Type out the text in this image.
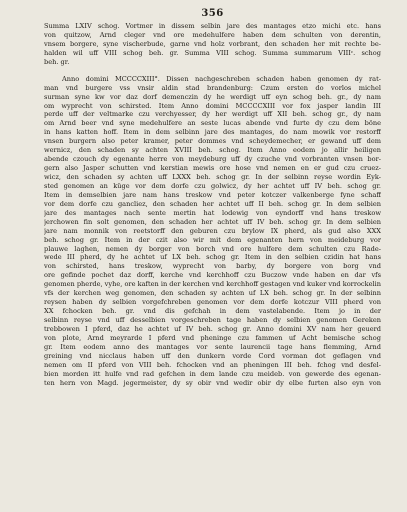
356
Summa LXIV schog. Vortmer in dissem selbin jare des mantages etzo michi etc. hans
von quitzow, Arnd cleger vnd ore medehulfere haben dem schulten von derentin,
vnsem borgere, syne vischerbude, garne vnd holz vorbrant, den schaden her mit rechte be-
halden wil uff VIII schog beh. gr. Summa VIII schog. Summa summarum VIIIᶜ. schog
beh. gr.
Anno domini MCCCCXIII°. Dissen nachgeschreben schaden haben genomen dy rat-
man vnd burgere vss vnsir aldin stad brandenburg: Czum ersten do vorlos michel
surman syne kw vor daz dorf demenczin dy he werdigt uff eyn schog beh. gr., dy nam
om wyprecht von schirsted. Item Anno domini MCCCCXIII vor fox jasper landin III
perde uff der veltmarke czu verchyesser, dy her werdigt uff XII beh. schog gr., dy nam
om Arnd beer vnd syne medehulfere an seste lucas abende vnd furte dy czu dem böne
in hans katten hoff. Item in dem selbinn jare des mantages, do nam mowik vor restorff
vnsen burgern also peter kramer, peter dommes vnd scheydemecher, er gewand uff dem
wernicz, den schaden sy achten XVIII beh. schog. Item Anno eodem jo allir heiligen
abende czouch dy egenante herre von meydeburg uff dy czuche vnd vorbranten vnsen bor-
gern also Jasper schutten vnd kerstian mewis ore hose vnd nemen en er gud czu cruez-
wicz, den schaden sy achten uff LXXX beh. schog gr. In der selbinn reyse wordin Eyk-
sted genomen an küge vor dem dorfe czu golwicz, dy her achtet uff IV beh. schog gr.
Item in demselbien jare nam hans treskow vnd peter kotczer valkenberge fyne schaff
vor dem dorfe czu gancliez, den schaden her achtet uff II beh. schog gr. In dem selbien
jare des mantages nach sente mertin hat lodewig von eyndorff vnd hans treskow
jerchowen fin solt genomen, den schaden her achtet uff IV beh. schog gr. In dem selbien
jare nam monnik von reetstorff den geburen czu brylow IX pherd, als gud also XXX
beh. schog gr. Item in der czit also wir mit dem egenanten hern von meideburg vor
plauwe laghen, nemen dy borger von borch vnd ore hulfere dem schulten czu Rade-
wede III pherd, dy he achtet uf LX beh. schog gr. Item in den selbien czidin hat hans
von schirsted, hans treskow, wyprecht von barby, dy borgere von borg vnd
ore gefinde pochet daz dorff, kerche vnd kerchhoff czu Buczow vnde haben en dar vfs
genomen pherde, vyhe, ore kaften in der kerchen vnd kerchhoff gestagen vnd kuker vnd korrockelin
vfs der kerchen weg genomen, den schaden sy achten uf LX beh. schog gr. In der selbinn
reysen haben dy selbien vorgefchreben genomen vor dem dorfe kotczur VIII pherd von
XX fchocken beh. gr. vnd dis gefchah in dem vastelabende. Item jo in der
selbinn reyse vnd uff desselbien vorgeschreben tage haben dy selbien genomen Gereken
trebbowen I pferd, daz he achtet uf IV beh. schog gr. Anno domini XV nam her geuerd
von plote, Arnd meyrarde I pferd vnd pheninge czu fammen uf Acht bemische schog
gr. Item eodem anno des mantages vor sente laurencii tage hans flemming, Arnd
greining vnd nicclaus haben uff den dunkern vorde Cord vorman dot geflagen vnd
nemen om II pferd von VIII beh. fchocken vnd an pheningen III beh. fchog vnd desfel-
bien morden itt hulfe vnd rad gefchen in dem lande czu meideb. von gewerde des egenan-
ten hern von Magd. jegermeister, dy sy obir vnd wedir obir dy elbe furten also eyn von
